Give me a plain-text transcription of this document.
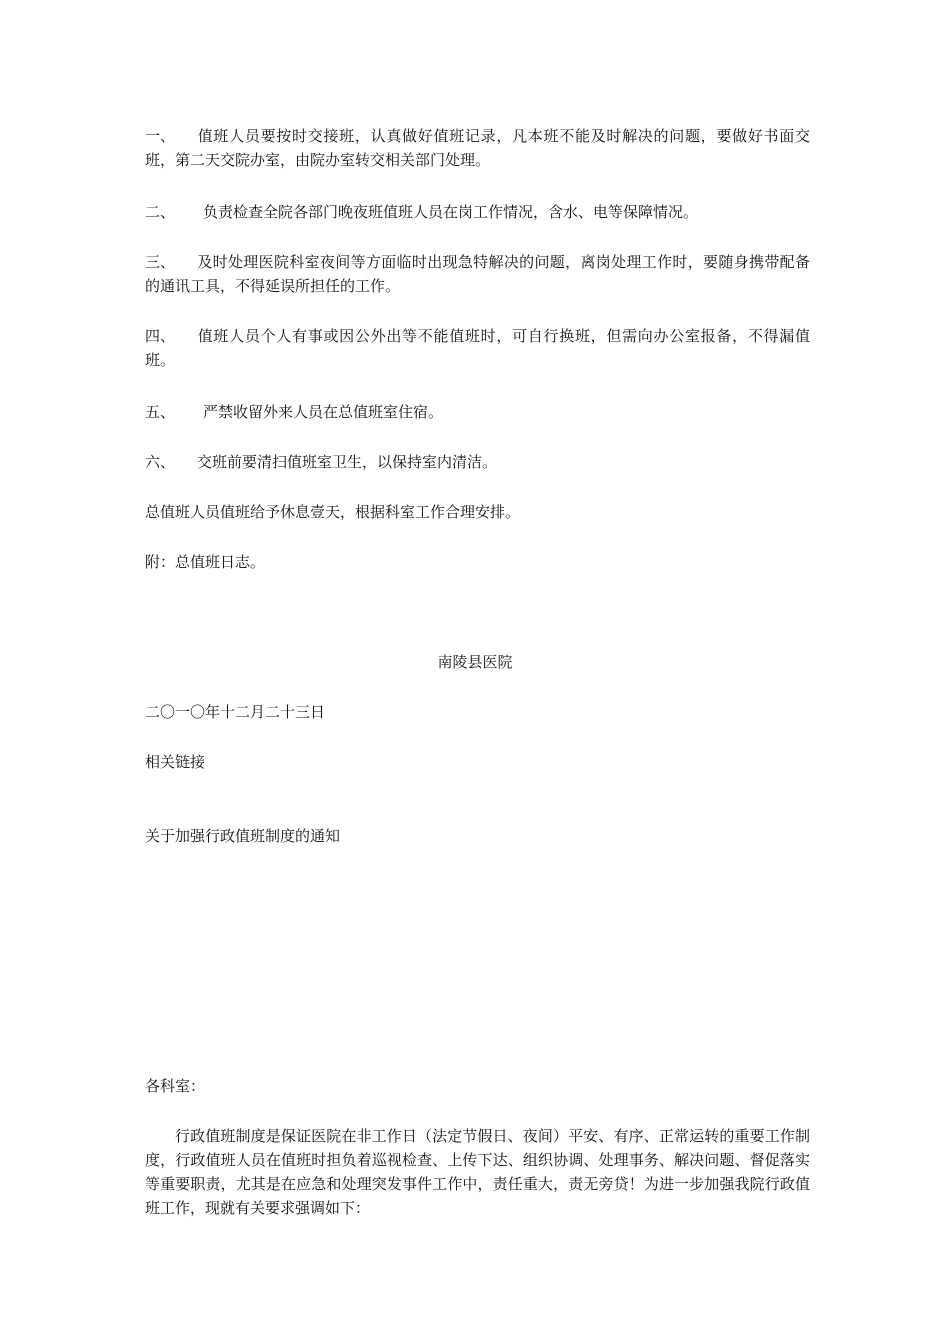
一、 值班人员要按时交接班，认真做好值班记录，凡本班不能及时解决的问题，要做好书面交班，第二天交院办室，由院办室转交相关部门处理。

二、 负责检查全院各部门晚夜班值班人员在岗工作情况，含水、电等保障情况。

三、 及时处理医院科室夜间等方面临时出现急特解决的问题，离岗处理工作时，要随身携带配备的通讯工具，不得延误所担任的工作。

四、 值班人员个人有事或因公外出等不能值班时，可自行换班，但需向办公室报备，不得漏值班。

五、 严禁收留外来人员在总值班室住宿。

六、 交班前要清扫值班室卫生，以保持室内清洁。

总值班人员值班给予休息壹天，根据科室工作合理安排。

附：总值班日志。

南陵县医院

二〇一〇年十二月二十三日

相关链接

关于加强行政值班制度的通知

各科室：

行政值班制度是保证医院在非工作日（法定节假日、夜间）平安、有序、正常运转的重要工作制度，行政值班人员在值班时担负着巡视检查、上传下达、组织协调、处理事务、解决问题、督促落实等重要职责，尤其是在应急和处理突发事件工作中，责任重大，责无旁贷！为进一步加强我院行政值班工作，现就有关要求强调如下：
